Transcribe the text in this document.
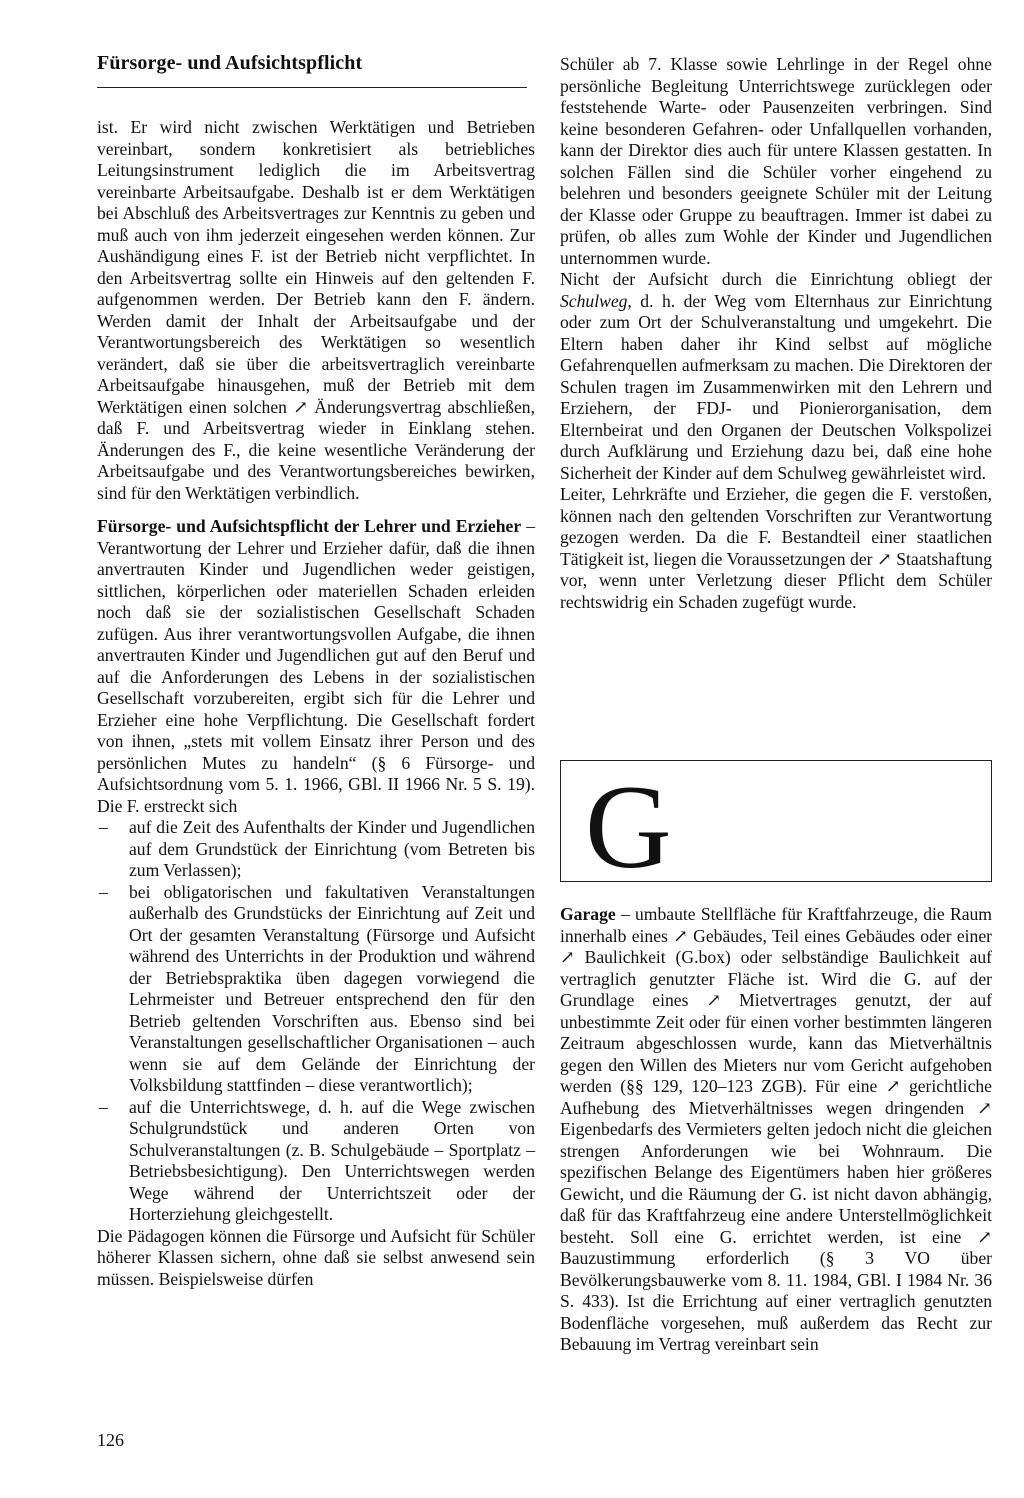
Fürsorge- und Aufsichtspflicht

ist. Er wird nicht zwischen Werktätigen und Betrieben vereinbart, sondern konkretisiert als betriebliches Leitungsinstrument lediglich die im Arbeitsvertrag vereinbarte Arbeitsaufgabe. Deshalb ist er dem Werktätigen bei Abschluß des Arbeitsvertrages zur Kenntnis zu geben und muß auch von ihm jederzeit eingesehen werden können. Zur Aushändigung eines F. ist der Betrieb nicht verpflichtet. In den Arbeitsvertrag sollte ein Hinweis auf den geltenden F. aufgenommen werden. Der Betrieb kann den F. ändern. Werden damit der Inhalt der Arbeitsaufgabe und der Verantwortungsbereich des Werktätigen so wesentlich verändert, daß sie über die arbeitsvertraglich vereinbarte Arbeitsaufgabe hinausgehen, muß der Betrieb mit dem Werktätigen einen solchen ↗ Änderungsvertrag abschließen, daß F. und Arbeitsvertrag wieder in Einklang stehen. Änderungen des F., die keine wesentliche Veränderung der Arbeitsaufgabe und des Verantwortungsbereiches bewirken, sind für den Werktätigen verbindlich.

Fürsorge- und Aufsichtspflicht der Lehrer und Erzieher – Verantwortung der Lehrer und Erzieher dafür, daß die ihnen anvertrauten Kinder und Jugendlichen weder geistigen, sittlichen, körperlichen oder materiellen Schaden erleiden noch daß sie der sozialistischen Gesellschaft Schaden zufügen. Aus ihrer verantwortungsvollen Aufgabe, die ihnen anvertrauten Kinder und Jugendlichen gut auf den Beruf und auf die Anforderungen des Lebens in der sozialistischen Gesellschaft vorzubereiten, ergibt sich für die Lehrer und Erzieher eine hohe Verpflichtung. Die Gesellschaft fordert von ihnen, „stets mit vollem Einsatz ihrer Person und des persönlichen Mutes zu handeln“ (§ 6 Fürsorge- und Aufsichtsordnung vom 5. 1. 1966, GBl. II 1966 Nr. 5 S. 19). Die F. erstreckt sich

– auf die Zeit des Aufenthalts der Kinder und Jugendlichen auf dem Grundstück der Einrichtung (vom Betreten bis zum Verlassen);
– bei obligatorischen und fakultativen Veranstaltungen außerhalb des Grundstücks der Einrichtung auf Zeit und Ort der gesamten Veranstaltung (Fürsorge und Aufsicht während des Unterrichts in der Produktion und während der Betriebspraktika üben dagegen vorwiegend die Lehrmeister und Betreuer entsprechend den für den Betrieb geltenden Vorschriften aus. Ebenso sind bei Veranstaltungen gesellschaftlicher Organisationen – auch wenn sie auf dem Gelände der Einrichtung der Volksbildung stattfinden – diese verantwortlich);
– auf die Unterrichtswege, d. h. auf die Wege zwischen Schulgrundstück und anderen Orten von Schulveranstaltungen (z. B. Schulgebäude – Sportplatz – Betriebsbesichtigung). Den Unterrichtswegen werden Wege während der Unterrichtszeit oder der Horterziehung gleichgestellt.

Die Pädagogen können die Fürsorge und Aufsicht für Schüler höherer Klassen sichern, ohne daß sie selbst anwesend sein müssen. Beispielsweise dürfen

Schüler ab 7. Klasse sowie Lehrlinge in der Regel ohne persönliche Begleitung Unterrichtswege zurücklegen oder feststehende Warte- oder Pausenzeiten verbringen. Sind keine besonderen Gefahren- oder Unfallquellen vorhanden, kann der Direktor dies auch für untere Klassen gestatten. In solchen Fällen sind die Schüler vorher eingehend zu belehren und besonders geeignete Schüler mit der Leitung der Klasse oder Gruppe zu beauftragen. Immer ist dabei zu prüfen, ob alles zum Wohle der Kinder und Jugendlichen unternommen wurde.

Nicht der Aufsicht durch die Einrichtung obliegt der Schulweg, d. h. der Weg vom Elternhaus zur Einrichtung oder zum Ort der Schulveranstaltung und umgekehrt. Die Eltern haben daher ihr Kind selbst auf mögliche Gefahrenquellen aufmerksam zu machen. Die Direktoren der Schulen tragen im Zusammenwirken mit den Lehrern und Erziehern, der FDJ- und Pionierorganisation, dem Elternbeirat und den Organen der Deutschen Volkspolizei durch Aufklärung und Erziehung dazu bei, daß eine hohe Sicherheit der Kinder auf dem Schulweg gewährleistet wird.

Leiter, Lehrkräfte und Erzieher, die gegen die F. verstoßen, können nach den geltenden Vorschriften zur Verantwortung gezogen werden. Da die F. Bestandteil einer staatlichen Tätigkeit ist, liegen die Voraussetzungen der ↗ Staatshaftung vor, wenn unter Verletzung dieser Pflicht dem Schüler rechtswidrig ein Schaden zugefügt wurde.

G

Garage – umbaute Stellfläche für Kraftfahrzeuge, die Raum innerhalb eines ↗ Gebäudes, Teil eines Gebäudes oder einer ↗ Baulichkeit (G.box) oder selbständige Baulichkeit auf vertraglich genutzter Fläche ist. Wird die G. auf der Grundlage eines ↗ Mietvertrages genutzt, der auf unbestimmte Zeit oder für einen vorher bestimmten längeren Zeitraum abgeschlossen wurde, kann das Mietverhältnis gegen den Willen des Mieters nur vom Gericht aufgehoben werden (§§ 129, 120–123 ZGB). Für eine ↗ gerichtliche Aufhebung des Mietverhältnisses wegen dringenden ↗ Eigenbedarfs des Vermieters gelten jedoch nicht die gleichen strengen Anforderungen wie bei Wohnraum. Die spezifischen Belange des Eigentümers haben hier größeres Gewicht, und die Räumung der G. ist nicht davon abhängig, daß für das Kraftfahrzeug eine andere Unterstellmöglichkeit besteht. Soll eine G. errichtet werden, ist eine ↗ Bauzustimmung erforderlich (§ 3 VO über Bevölkerungsbauwerke vom 8. 11. 1984, GBl. I 1984 Nr. 36 S. 433). Ist die Errichtung auf einer vertraglich genutzten Bodenfläche vorgesehen, muß außerdem das Recht zur Bebauung im Vertrag vereinbart sein

126
